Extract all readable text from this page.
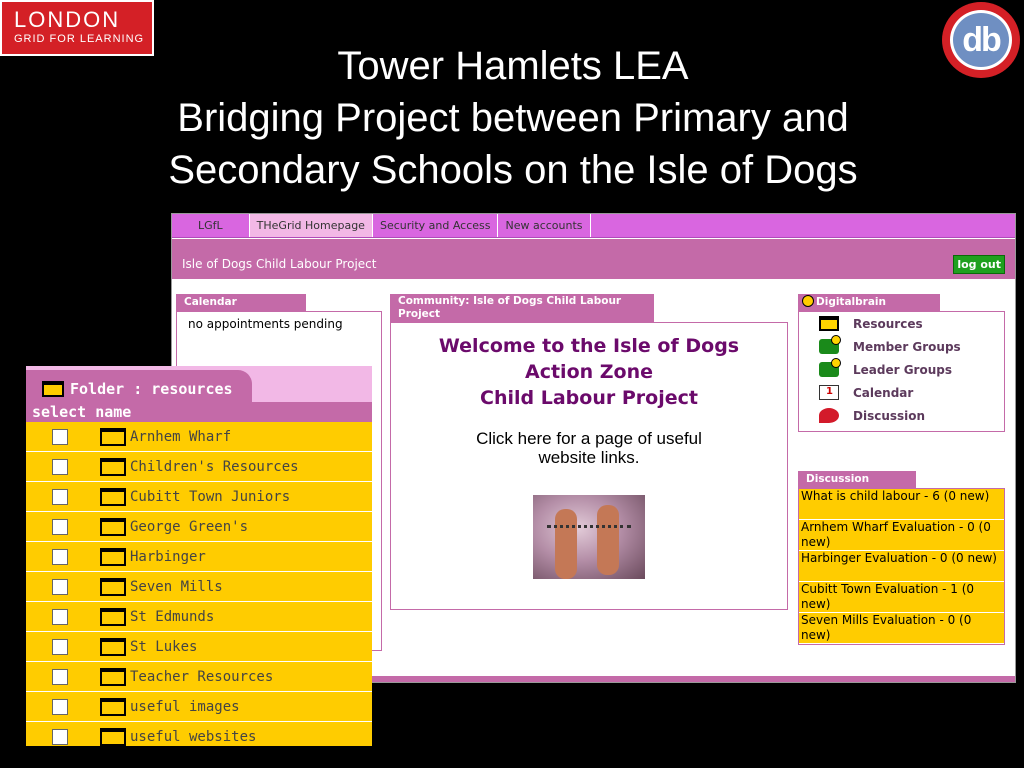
LONDON
GRID FOR LEARNING	db
Tower Hamlets LEA
Bridging Project between Primary and
Secondary Schools on the Isle of Dogs
LGfL	THeGrid Homepage	Security and Access	New accounts
Isle of Dogs Child Labour Project	log out
Calendar
no appointments pending
Community: Isle of Dogs Child Labour Project
Welcome to the Isle of Dogs
Action Zone
Child Labour Project
Click here for a page of useful
website links.
Digitalbrain
Resources
Member Groups
Leader Groups
1
Calendar
Discussion
Discussion
What is child labour - 6 (0 new)
Arnhem Wharf Evaluation - 0 (0 new)
Harbinger Evaluation - 0 (0 new)
Cubitt Town Evaluation - 1 (0 new)
Seven Mills Evaluation - 0 (0 new)
Folder : resources
select name
Arnhem Wharf
Children's Resources
Cubitt Town Juniors
George Green's
Harbinger
Seven Mills
St Edmunds
St Lukes
Teacher Resources
useful images
useful websites
